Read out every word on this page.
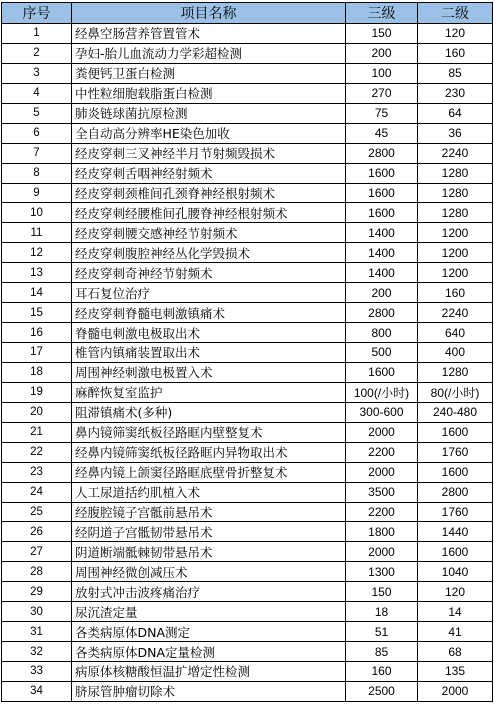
序号	项目名称	三级	二级
1	经鼻空肠营养管置管术	150	120
2	孕妇-胎儿血流动力学彩超检测	200	160
3	粪便钙卫蛋白检测	100	85
4	中性粒细胞载脂蛋白检测	270	230
5	肺炎链球菌抗原检测	75	64
6	全自动高分辨率HE染色加收	45	36
7	经皮穿刺三叉神经半月节射频毁损术	2800	2240
8	经皮穿刺舌咽神经射频术	1600	1280
9	经皮穿刺颈椎间孔颈脊神经根射频术	1600	1280
10	经皮穿刺经腰椎间孔腰脊神经根射频术	1600	1280
11	经皮穿刺腰交感神经节射频术	1400	1200
12	经皮穿刺腹腔神经丛化学毁损术	1400	1200
13	经皮穿刺奇神经节射频术	1400	1200
14	耳石复位治疗	200	160
15	经皮穿刺脊髓电刺激镇痛术	2800	2240
16	脊髓电刺激电极取出术	800	640
17	椎管内镇痛装置取出术	500	400
18	周围神经刺激电极置入术	1600	1280
19	麻醉恢复室监护	100(/小时)	80(/小时)
20	阻滞镇痛术(多种)	300-600	240-480
21	鼻内镜筛窦纸板径路眶内壁整复术	2000	1600
22	经鼻内镜筛窦纸板径路眶内异物取出术	2200	1760
23	经鼻内镜上颌窦径路眶底壁骨折整复术	2000	1600
24	人工尿道括约肌植入术	3500	2800
25	经腹腔镜子宫骶前悬吊术	2200	1760
26	经阴道子宫骶韧带悬吊术	1800	1440
27	阴道断端骶棘韧带悬吊术	2000	1600
28	周围神经微创减压术	1300	1040
29	放射式冲击波疼痛治疗	150	120
30	尿沉渣定量	18	14
31	各类病原体DNA测定	51	41
32	各类病原体DNA定量检测	85	68
33	病原体核糖酸恒温扩增定性检测	160	135
34	脐尿管肿瘤切除术	2500	2000
